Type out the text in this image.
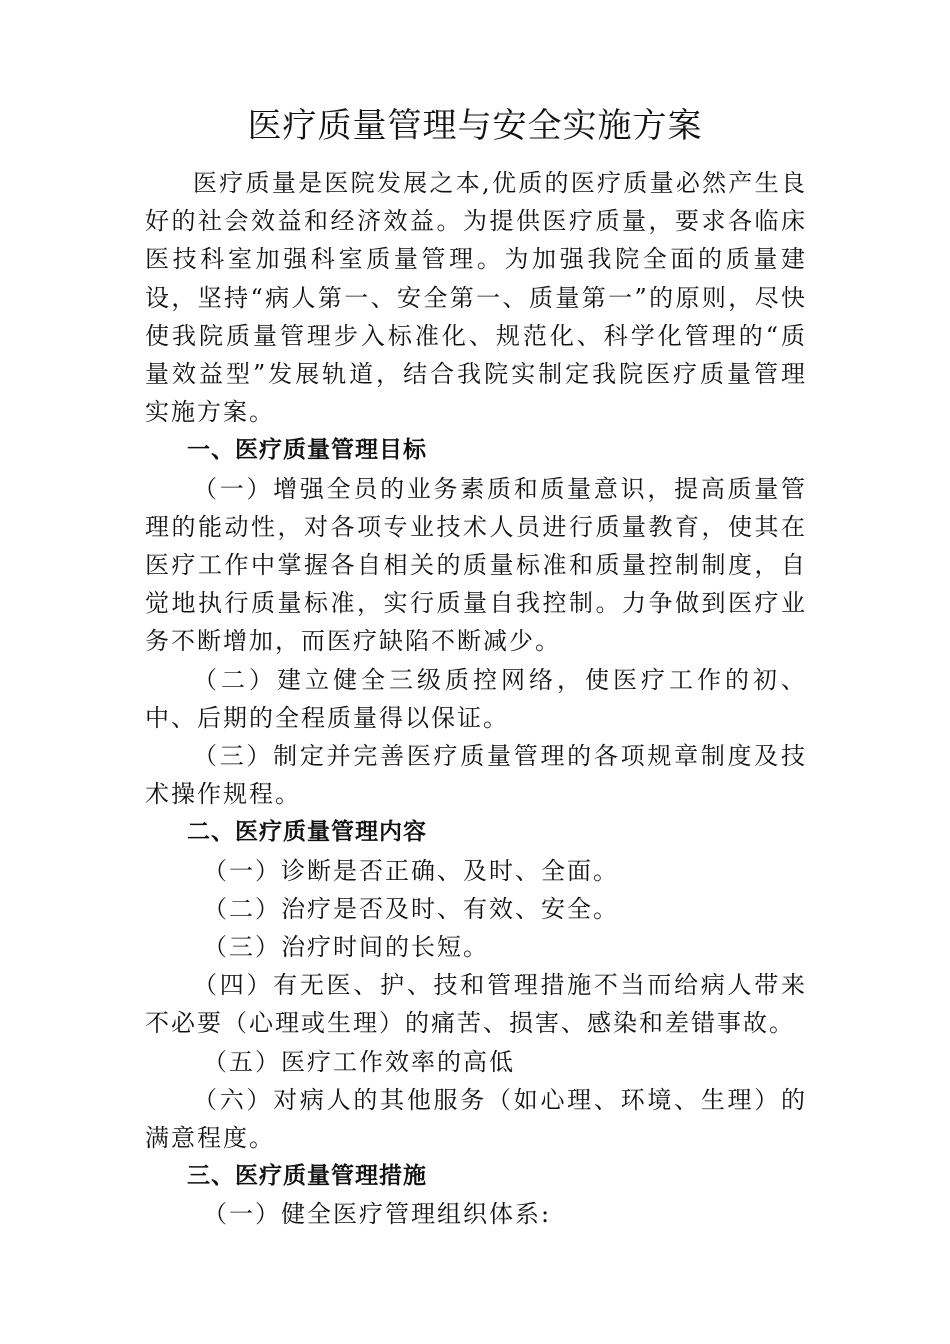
医疗质量管理与安全实施方案

医疗质量是医院发展之本,优质的医疗质量必然产生良好的社会效益和经济效益。为提供医疗质量，要求各临床医技科室加强科室质量管理。为加强我院全面的质量建设，坚持“病人第一、安全第一、质量第一”的原则，尽快使我院质量管理步入标准化、规范化、科学化管理的“质量效益型”发展轨道，结合我院实制定我院医疗质量管理实施方案。

一、医疗质量管理目标

（一）增强全员的业务素质和质量意识，提高质量管理的能动性，对各项专业技术人员进行质量教育，使其在医疗工作中掌握各自相关的质量标准和质量控制制度，自觉地执行质量标准，实行质量自我控制。力争做到医疗业务不断增加，而医疗缺陷不断减少。

（二）建立健全三级质控网络，使医疗工作的初、中、后期的全程质量得以保证。

（三）制定并完善医疗质量管理的各项规章制度及技术操作规程。

二、医疗质量管理内容

（一）诊断是否正确、及时、全面。

（二）治疗是否及时、有效、安全。

（三）治疗时间的长短。

（四）有无医、护、技和管理措施不当而给病人带来不必要（心理或生理）的痛苦、损害、感染和差错事故。

（五）医疗工作效率的高低

（六）对病人的其他服务（如心理、环境、生理）的满意程度。

三、医疗质量管理措施

（一）健全医疗管理组织体系:
